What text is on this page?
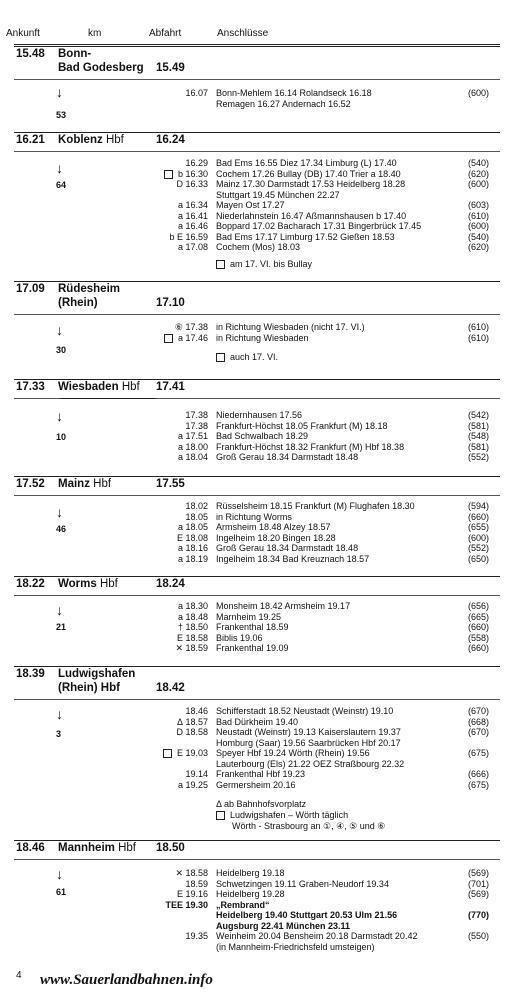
Ankunft	km	Abfahrt	Anschlüsse
15.48 Bonn-
Bad Godesberg 15.49
↓
53
16.07 Bonn-Mehlem 16.14 Rolandseck 16.18	(600)
Remagen 16.27 Andernach 16.52
16.21 Koblenz Hbf	16.24
↓
64
16.29 Bad Ems 16.55 Diez 17.34 Limburg (L) 17.40	(540)
b 16.30 Cochem 17.26 Bullay (DB) 17.40 Trier a 18.40	(620)
D 16.33 Mainz 17.30 Darmstadt 17.53 Heidelberg 18.28	(600)
Stuttgart 19.45 München 22.27
a 16.34 Mayen Ost 17.27	(603)
a 16.41 Niederlahnstein 16.47 Aßmannshausen b 17.40	(610)
a 16.46 Boppard 17.02 Bacharach 17.31 Bingerbrück 17.45	(600)
b E 16.59 Bad Ems 17.17 Limburg 17.52 Gießen 18.53	(540)
a 17.08 Cochem (Mos) 18.03	(620)
am 17. VI. bis Bullay
17.09 Rüdesheim
(Rhein)	17.10
↓
30
⑥ 17.38 in Richtung Wiesbaden (nicht 17. VI.)	(610)
a 17.46 in Richtung Wiesbaden	(610)
auch 17. VI.
17.33 Wiesbaden Hbf 17.41
↓
10
17.38 Niedernhausen 17.56	(542)
17.38 Frankfurt-Höchst 18.05 Frankfurt (M) 18.18	(581)
a 17.51 Bad Schwalbach 18.29	(548)
a 18.00 Frankfurt-Höchst 18.32 Frankfurt (M) Hbf 18.38	(581)
a 18.04 Groß Gerau 18.34 Darmstadt 18.48	(552)
17.52 Mainz Hbf	17.55
↓
46
18.02 Rüsselsheim 18.15 Frankfurt (M) Flughafen 18.30	(594)
18.05 in Richtung Worms	(660)
a 18.05 Armsheim 18.48 Alzey 18.57	(655)
E 18.08 Ingelheim 18.20 Bingen 18.28	(600)
a 18.16 Groß Gerau 18.34 Darmstadt 18.48	(552)
a 18.19 Ingelheim 18.34 Bad Kreuznach 18.57	(650)
18.22 Worms Hbf	18.24
↓
21
a 18.30 Monsheim 18.42 Armsheim 19.17	(656)
a 18.48 Marnheim 19.25	(665)
† 18.50 Frankenthal 18.59	(660)
E 18.58 Biblis 19.06	(558)
✕ 18.59 Frankenthal 19.09	(660)
18.39 Ludwigshafen
(Rhein) Hbf	18.42
↓
3
18.46 Schifferstadt 18.52 Neustadt (Weinstr) 19.10	(670)
Δ 18.57 Bad Dürkheim 19.40	(668)
D 18.58 Neustadt (Weinstr) 19.13 Kaiserslautern 19.37	(670)
Homburg (Saar) 19.56 Saarbrücken Hbf 20.17
E 19.03 Speyer Hbf 19.24 Wörth (Rhein) 19.56	(675)
Lauterbourg (Els) 21.22 OEZ Straßbourg 22.32
19.14 Frankenthal Hbf 19.23	(666)
a 19.25 Germersheim 20.16	(675)
Δ ab Bahnhofsvorplatz
Ludwigshafen – Wörth täglich
Wörth - Strasbourg an ①, ④, ⑤ und ⑥
18.46 Mannheim Hbf 18.50
↓
61
✕ 18.58 Heidelberg 19.18	(569)
18.59 Schwetzingen 19.11 Graben-Neudorf 19.34	(701)
E 19.16 Heidelberg 19.28	(569)
TEE 19.30 „Rembrand“
Heidelberg 19.40 Stuttgart 20.53 Ulm 21.56	(770)
Augsburg 22.41 München 23.11
19.35 Weinheim 20.04 Bensheim 20.18 Darmstadt 20.42	(550)
(in Mannheim-Friedrichsfeld umsteigen)
4 www.Sauerlandbahnen.info
